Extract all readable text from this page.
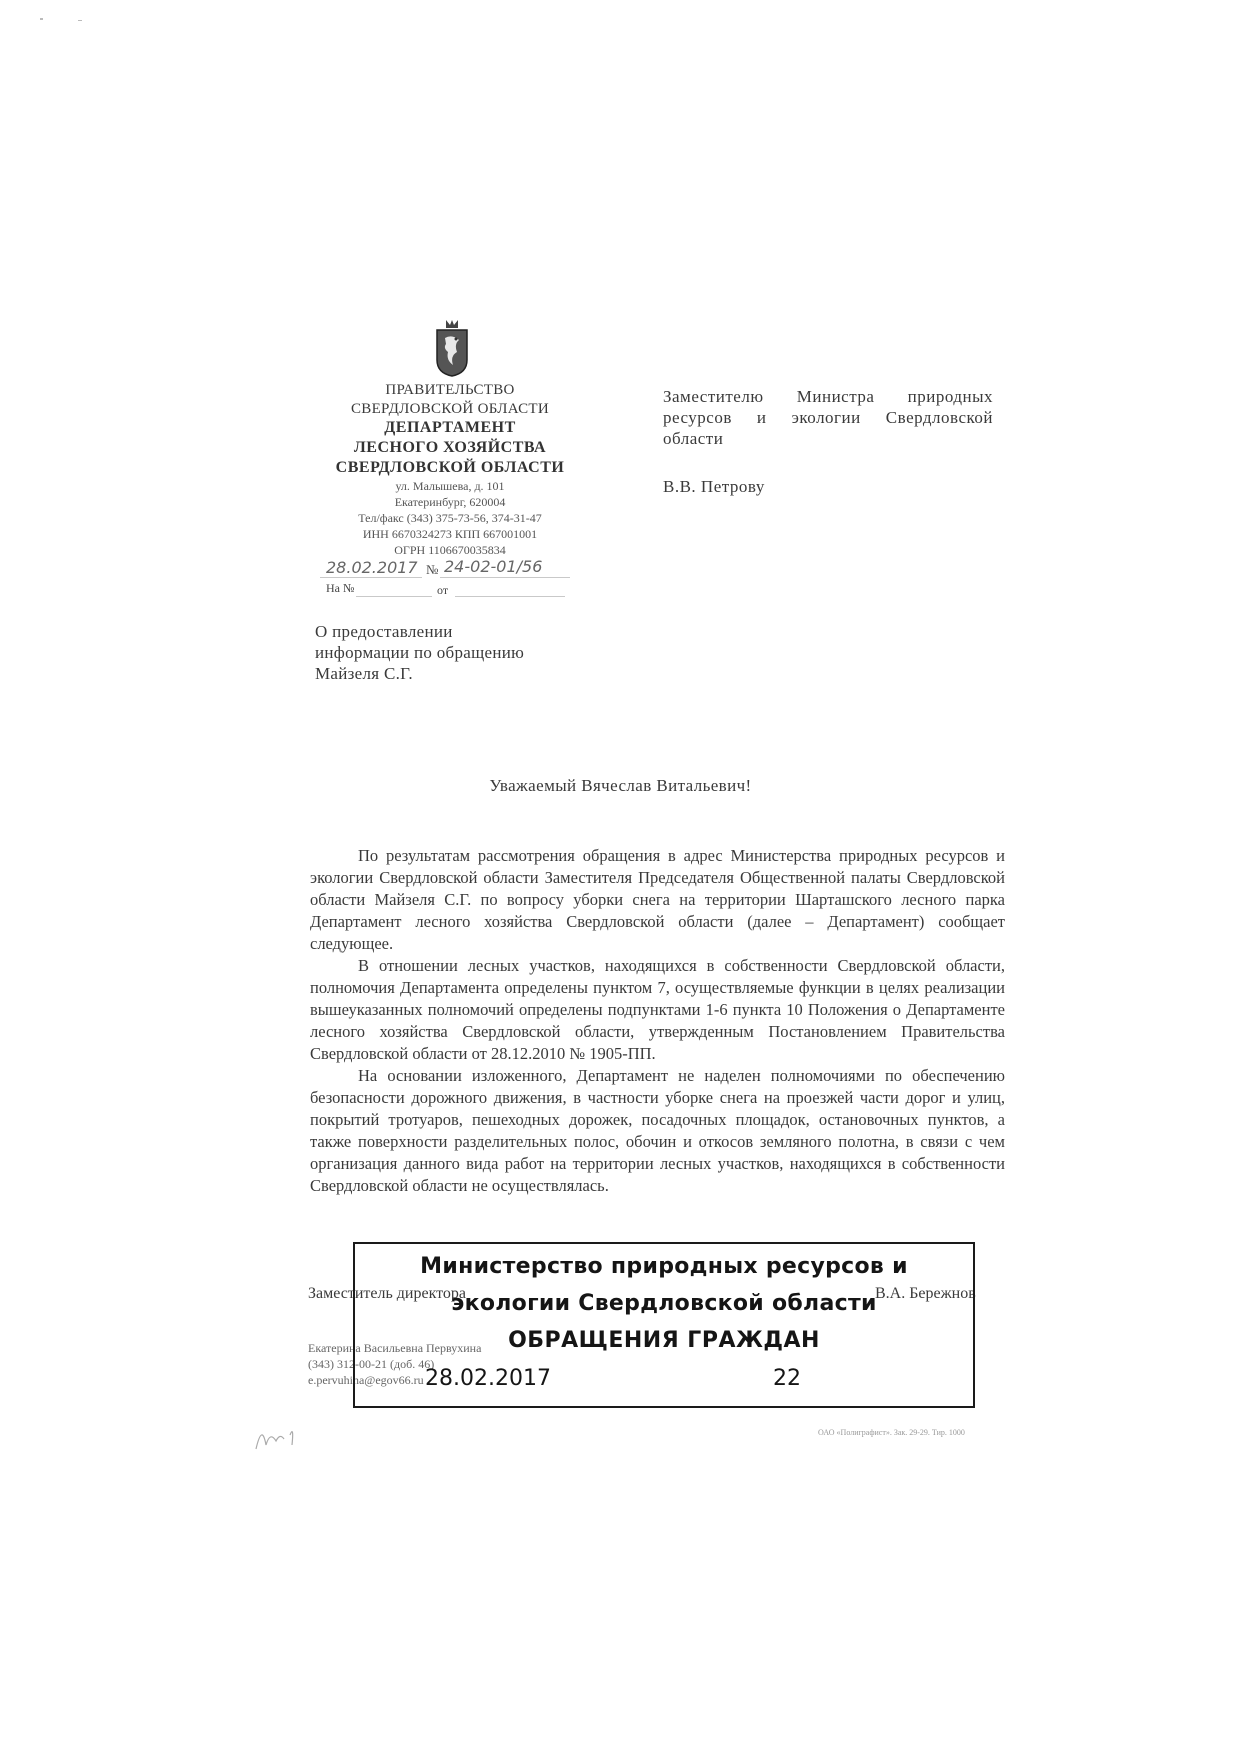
ПРАВИТЕЛЬСТВО
СВЕРДЛОВСКОЙ ОБЛАСТИ
ДЕПАРТАМЕНТ
ЛЕСНОГО ХОЗЯЙСТВА
СВЕРДЛОВСКОЙ ОБЛАСТИ
ул. Малышева, д. 101
Екатеринбург, 620004
Тел/факс (343) 375-73-56, 374-31-47
ИНН 6670324273 КПП 667001001
ОГРН 1106670035834
28.02.2017 № 24-02-01/56
На №	от
Заместителю Министра природных ресурсов и экологии Свердловской области
В.В. Петрову
О предоставлении
информации по обращению
Майзеля С.Г.
Уважаемый Вячеслав Витальевич!

По результатам рассмотрения обращения в адрес Министерства природных ресурсов и экологии Свердловской области Заместителя Председателя Общественной палаты Свердловской области Майзеля С.Г. по вопросу уборки снега на территории Шарташского лесного парка Департамент лесного хозяйства Свердловской области (далее – Департамент) сообщает следующее.

В отношении лесных участков, находящихся в собственности Свердловской области, полномочия Департамента определены пунктом 7, осуществляемые функции в целях реализации вышеуказанных полномочий определены подпунктами 1-6 пункта 10 Положения о Департаменте лесного хозяйства Свердловской области, утвержденным Постановлением Правительства Свердловской области от 28.12.2010 № 1905-ПП.

На основании изложенного, Департамент не наделен полномочиями по обеспечению безопасности дорожного движения, в частности уборке снега на проезжей части дорог и улиц, покрытий тротуаров, пешеходных дорожек, посадочных площадок, остановочных пунктов, а также поверхности разделительных полос, обочин и откосов земляного полотна, в связи с чем организация данного вида работ на территории лесных участков, находящихся в собственности Свердловской области не осуществлялась.

Заместитель директора	В.А. Бережнов
Екатерина Васильевна Первухина
(343) 312-00-21 (доб. 46)
e.pervuhina@egov66.ru
ОАО «Полиграфист». Зак. 29-29. Тир. 1000
Министерство природных ресурсов и
экологии Свердловской области
ОБРАЩЕНИЯ ГРАЖДАН
28.02.2017	22
